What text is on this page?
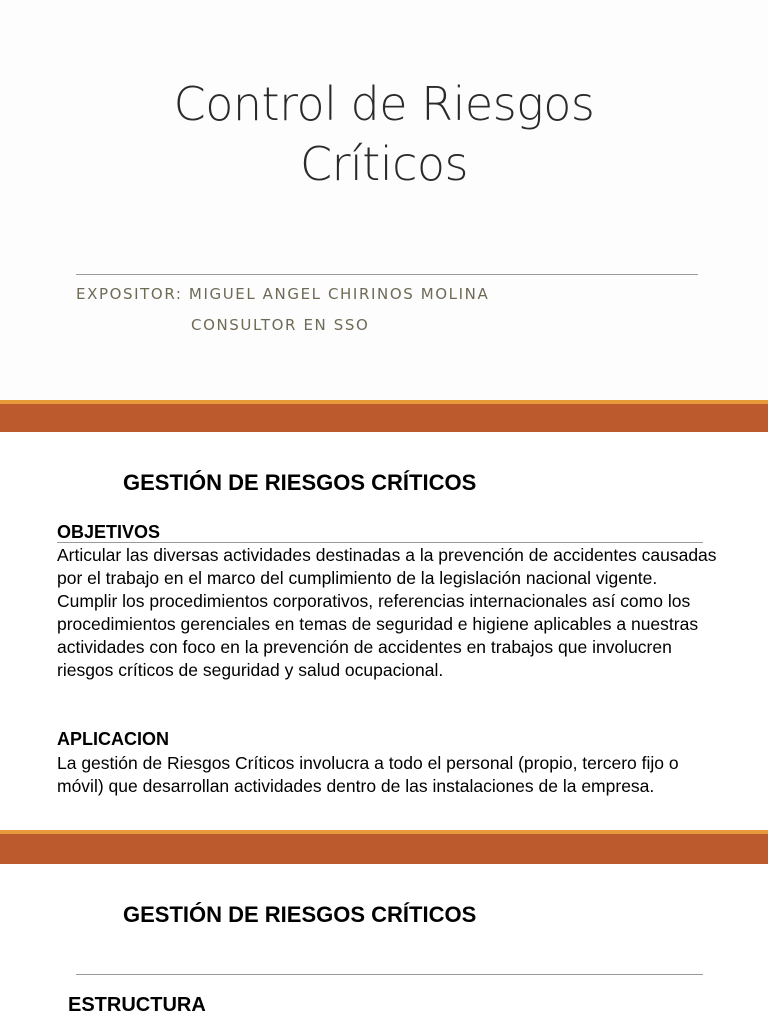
Control de Riesgos
Críticos
EXPOSITOR: MIGUEL ANGEL CHIRINOS MOLINA
CONSULTOR EN SSO
GESTIÓN DE RIESGOS CRÍTICOS
OBJETIVOS

Articular las diversas actividades destinadas a la prevención de accidentes causadas por el trabajo en el marco del cumplimiento de la legislación nacional vigente.

Cumplir los procedimientos corporativos, referencias internacionales así como los procedimientos gerenciales en temas de seguridad e higiene aplicables a nuestras actividades con foco en la prevención de accidentes en trabajos que involucren riesgos críticos de seguridad y salud ocupacional.

APLICACION

La gestión de Riesgos Críticos involucra a todo el personal (propio, tercero fijo o móvil) que desarrollan actividades dentro de las instalaciones de la empresa.

GESTIÓN DE RIESGOS CRÍTICOS
ESTRUCTURA
